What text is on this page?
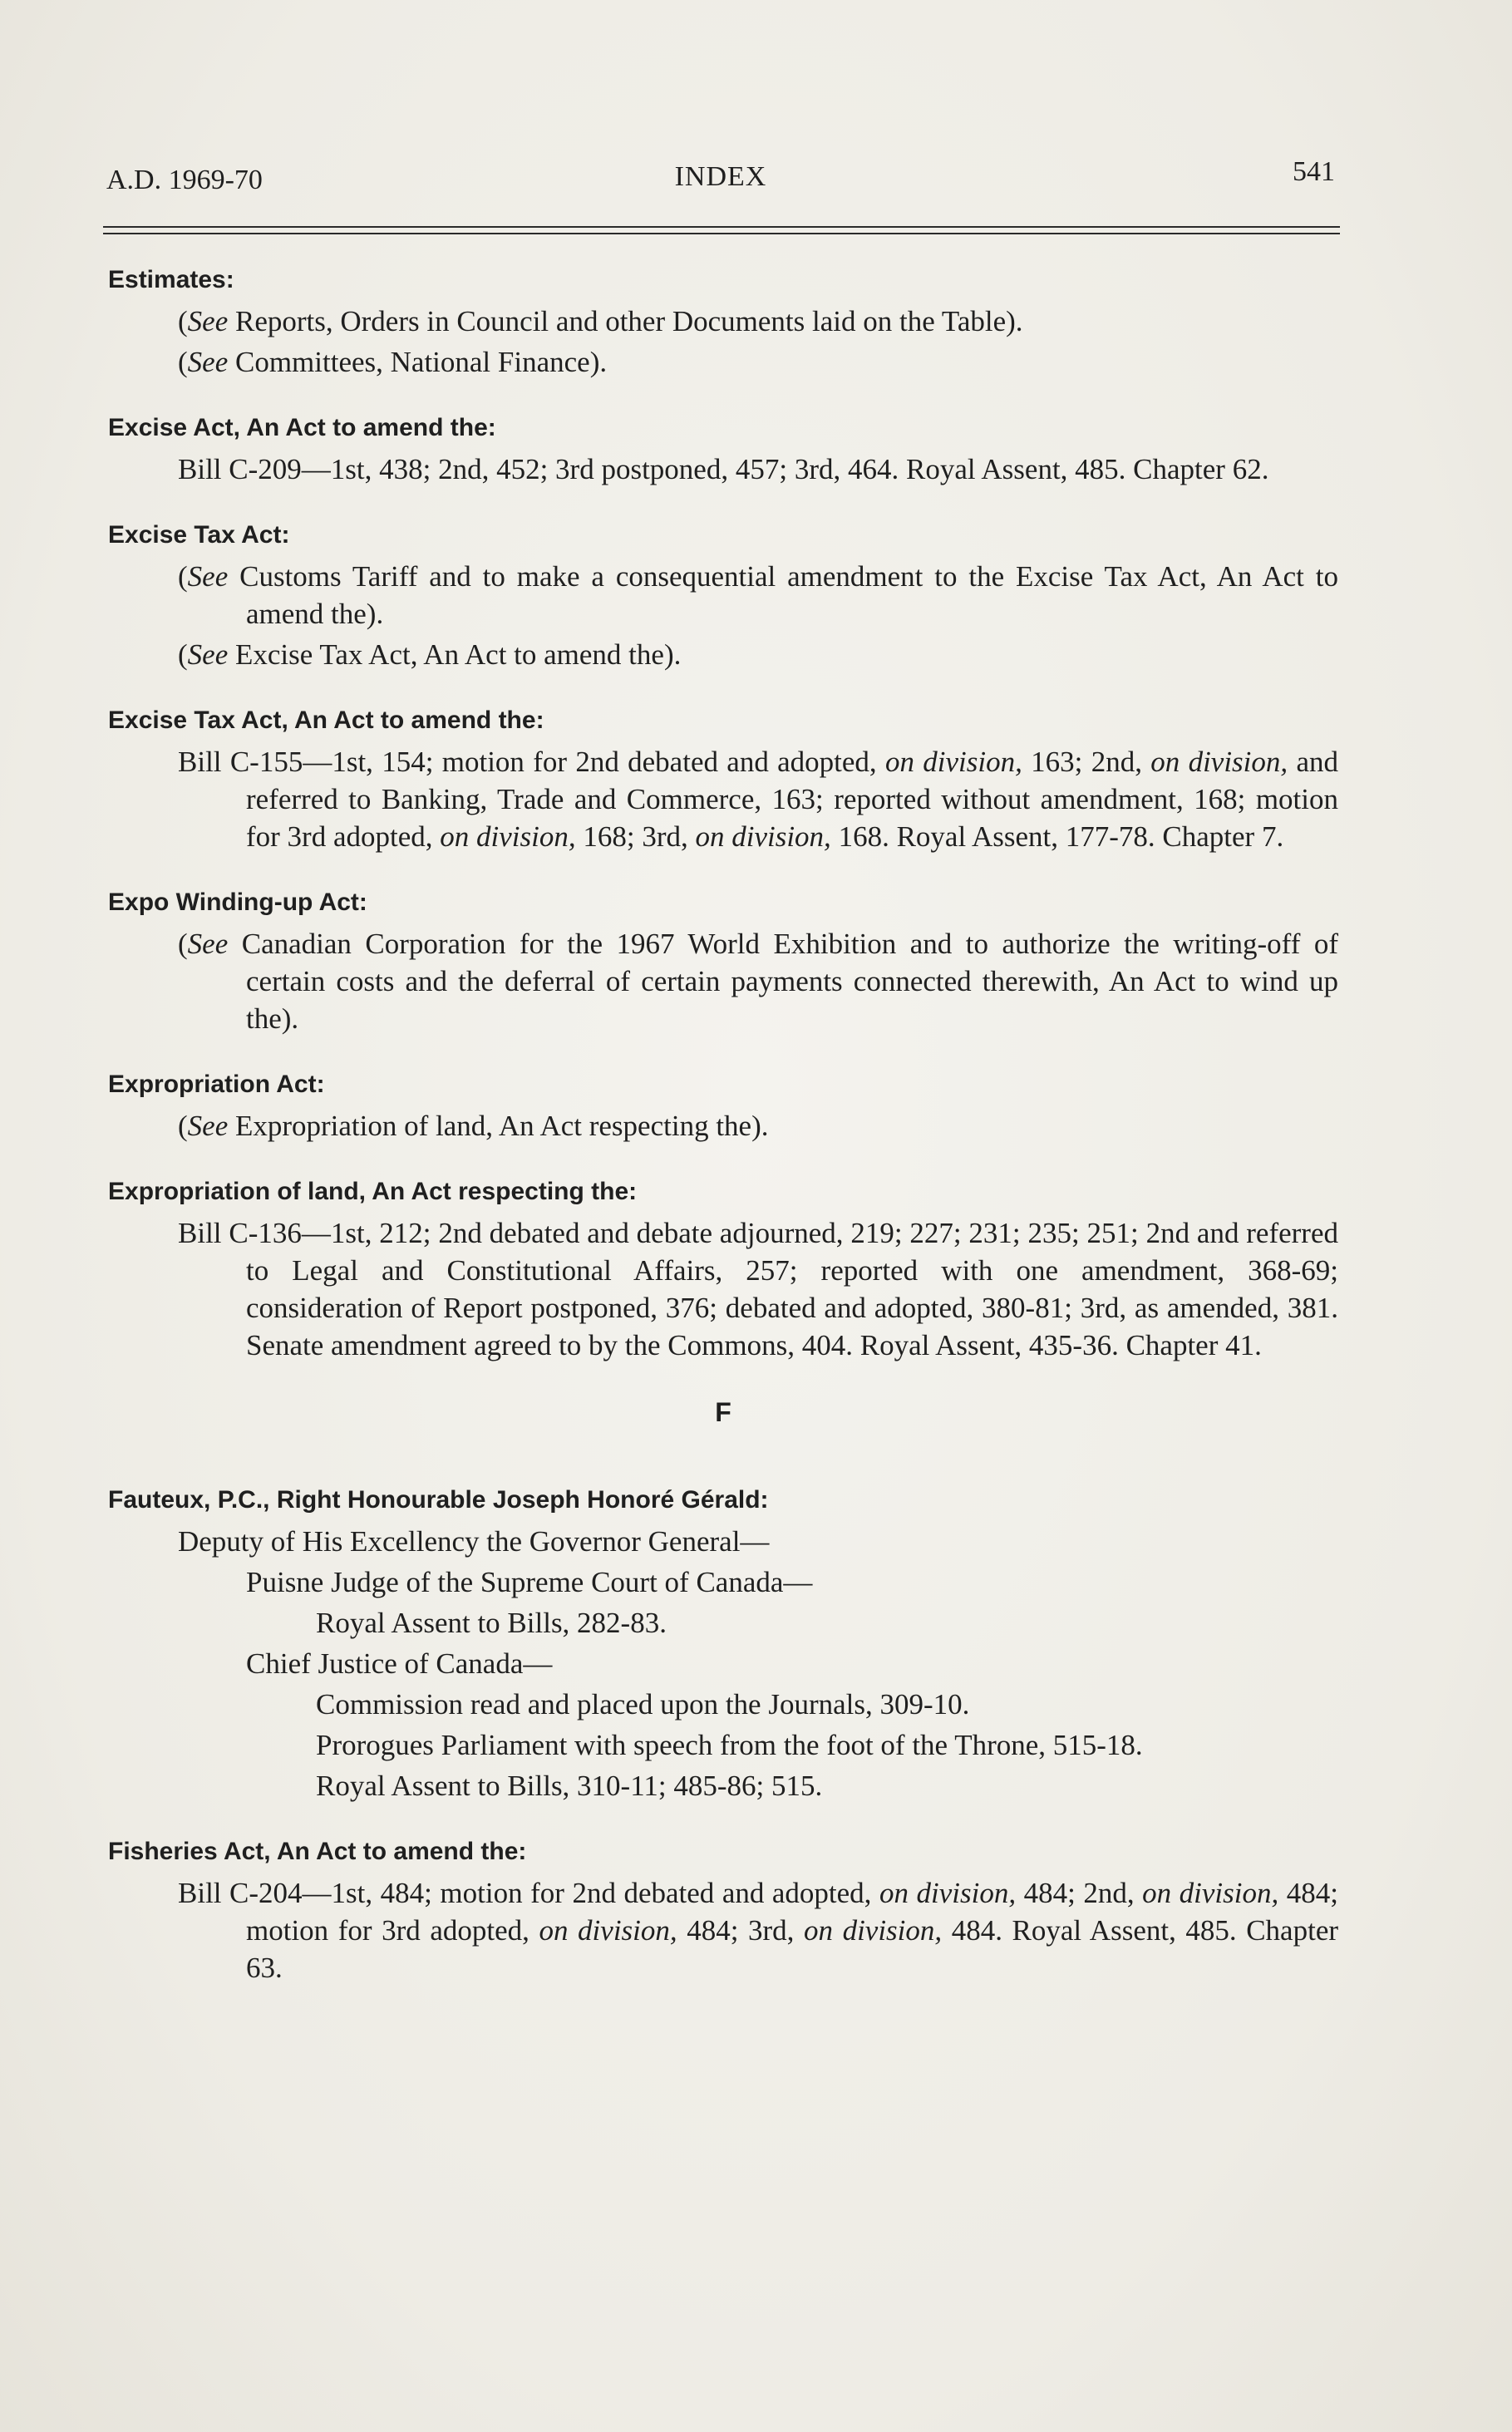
A.D. 1969-70	INDEX	541
Estimates:
(See Reports, Orders in Council and other Documents laid on the Table).
(See Committees, National Finance).
Excise Act, An Act to amend the:
Bill C-209—1st, 438; 2nd, 452; 3rd postponed, 457; 3rd, 464. Royal Assent, 485. Chapter 62.
Excise Tax Act:
(See Customs Tariff and to make a consequential amendment to the Excise Tax Act, An Act to amend the).
(See Excise Tax Act, An Act to amend the).
Excise Tax Act, An Act to amend the:
Bill C-155—1st, 154; motion for 2nd debated and adopted, on division, 163; 2nd, on division, and referred to Banking, Trade and Commerce, 163; reported without amendment, 168; motion for 3rd adopted, on division, 168; 3rd, on division, 168. Royal Assent, 177-78. Chapter 7.
Expo Winding-up Act:
(See Canadian Corporation for the 1967 World Exhibition and to authorize the writing-off of certain costs and the deferral of certain payments connected therewith, An Act to wind up the).
Expropriation Act:
(See Expropriation of land, An Act respecting the).
Expropriation of land, An Act respecting the:
Bill C-136—1st, 212; 2nd debated and debate adjourned, 219; 227; 231; 235; 251; 2nd and referred to Legal and Constitutional Affairs, 257; reported with one amendment, 368-69; consideration of Report postponed, 376; debated and adopted, 380-81; 3rd, as amended, 381. Senate amendment agreed to by the Commons, 404. Royal Assent, 435-36. Chapter 41.
F
Fauteux, P.C., Right Honourable Joseph Honoré Gérald:
Deputy of His Excellency the Governor General—
Puisne Judge of the Supreme Court of Canada—
Royal Assent to Bills, 282-83.
Chief Justice of Canada—
Commission read and placed upon the Journals, 309-10.
Prorogues Parliament with speech from the foot of the Throne, 515-18.
Royal Assent to Bills, 310-11; 485-86; 515.
Fisheries Act, An Act to amend the:
Bill C-204—1st, 484; motion for 2nd debated and adopted, on division, 484; 2nd, on division, 484; motion for 3rd adopted, on division, 484; 3rd, on division, 484. Royal Assent, 485. Chapter 63.
